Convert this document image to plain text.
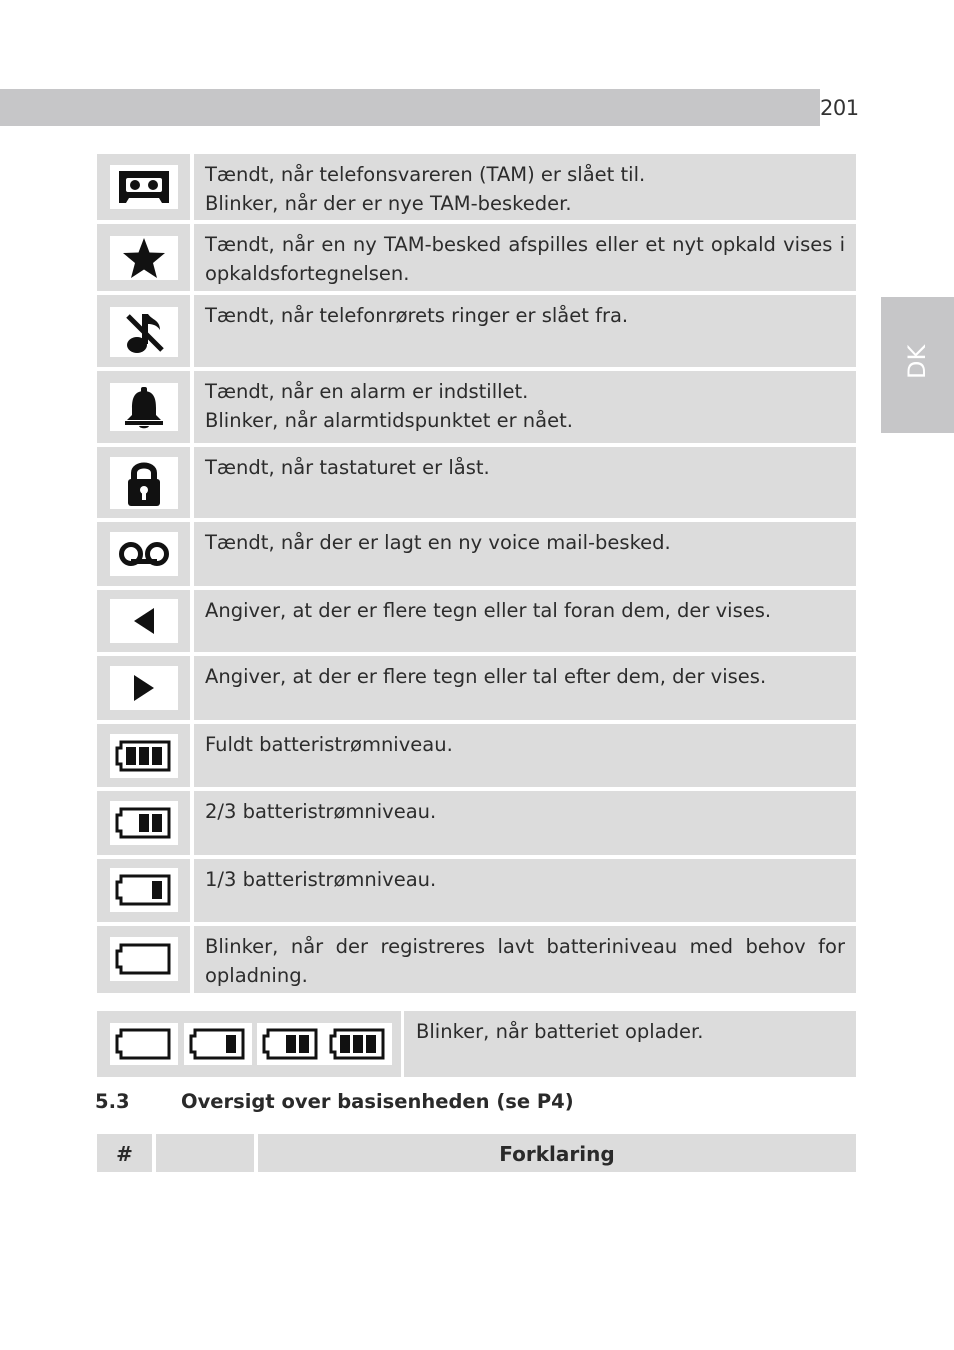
201
DK

Tændt, når telefonsvareren (TAM) er slået til.
Blinker, når der er nye TAM-beskeder.

Tændt, når en ny TAM-besked afspilles eller et nyt opkald vises i opkaldsfortegnelsen.

Tændt, når telefonrørets ringer er slået fra.

Tændt, når en alarm er indstillet.
Blinker, når alarmtidspunktet er nået.

Tændt, når tastaturet er låst.

Tændt, når der er lagt en ny voice mail-besked.

Angiver, at der er flere tegn eller tal foran dem, der vises.

Angiver, at der er flere tegn eller tal efter dem, der vises.

Fuldt batteristrømniveau.

2/3 batteristrømniveau.

1/3 batteristrømniveau.

Blinker, når der registreres lavt batteriniveau med behov for opladning.

Blinker, når batteriet oplader.

5.3	Oversigt over basisenheden (se P4)
#	Forklaring
